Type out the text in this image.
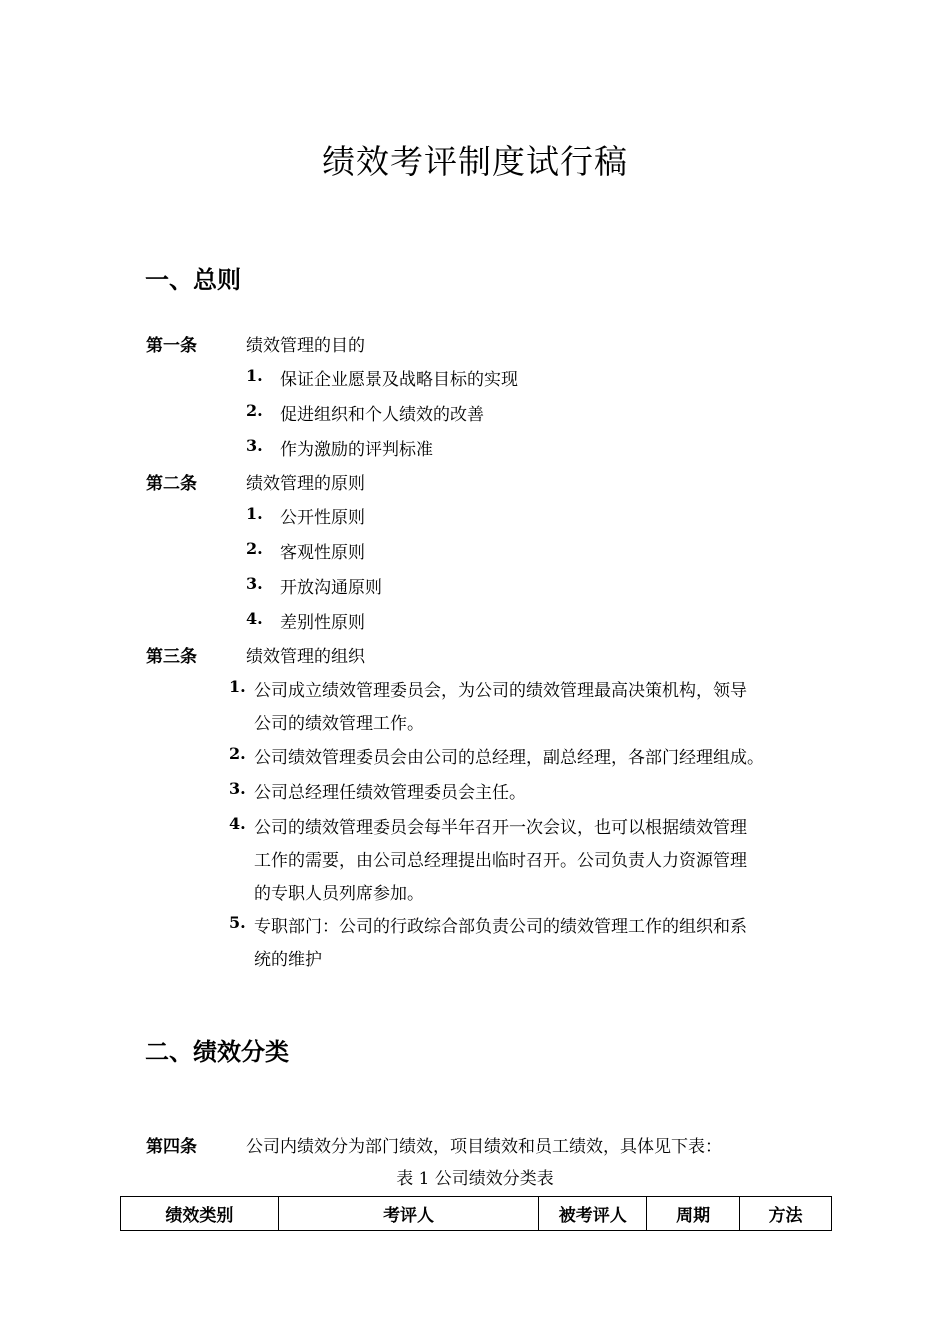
绩效考评制度试行稿
一、总则
第一条	绩效管理的目的
1. 保证企业愿景及战略目标的实现
2. 促进组织和个人绩效的改善
3. 作为激励的评判标准
第二条	绩效管理的原则
1. 公开性原则
2. 客观性原则
3. 开放沟通原则
4. 差别性原则
第三条	绩效管理的组织
1. 公司成立绩效管理委员会，为公司的绩效管理最高决策机构，领导
公司的绩效管理工作。
2. 公司绩效管理委员会由公司的总经理，副总经理，各部门经理组成。
3. 公司总经理任绩效管理委员会主任。
4. 公司的绩效管理委员会每半年召开一次会议，也可以根据绩效管理
工作的需要，由公司总经理提出临时召开。公司负责人力资源管理
的专职人员列席参加。
5. 专职部门：公司的行政综合部负责公司的绩效管理工作的组织和系
统的维护
二、绩效分类
第四条	公司内绩效分为部门绩效，项目绩效和员工绩效，具体见下表：
表 1 公司绩效分类表
绩效类别	考评人	被考评人	周期	方法
